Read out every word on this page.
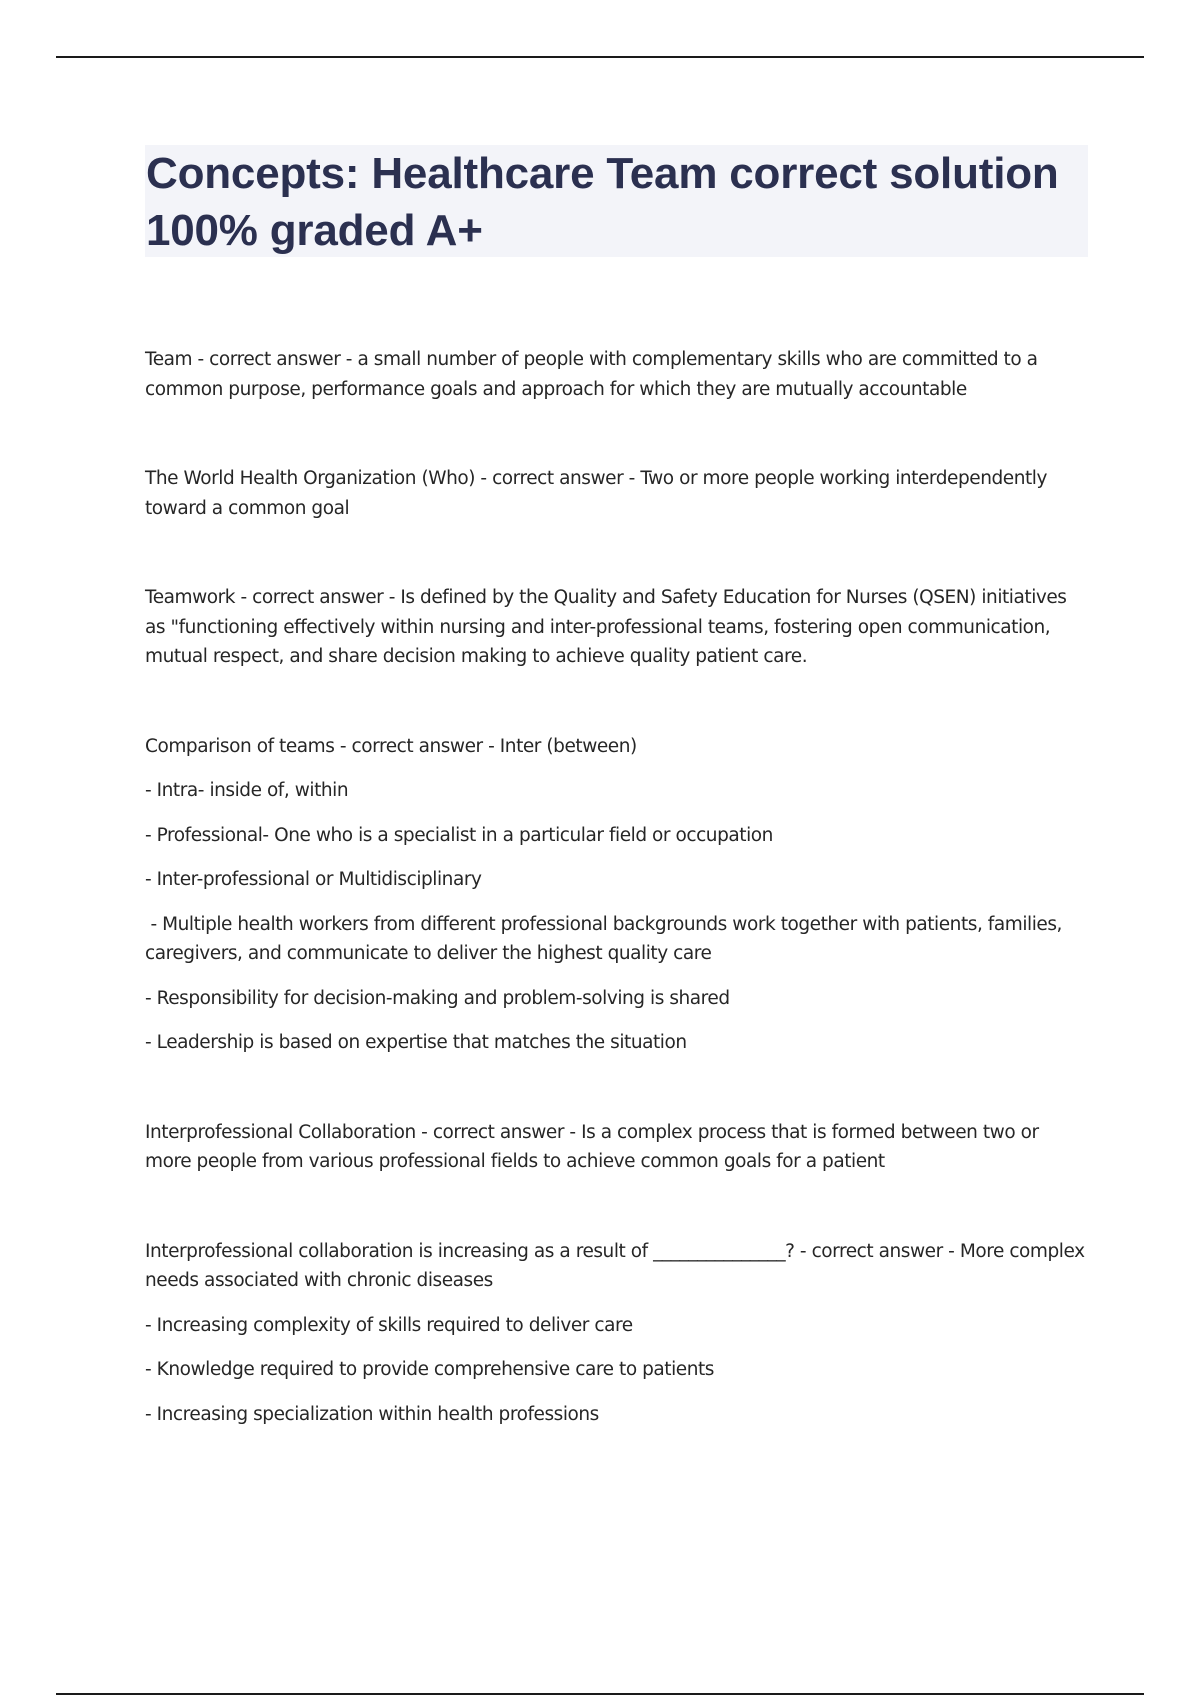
Concepts: Healthcare Team correct solution 100% graded A+

Team - correct answer - a small number of people with complementary skills who are committed to a common purpose, performance goals and approach for which they are mutually accountable

The World Health Organization (Who) - correct answer - Two or more people working interdependently toward a common goal

Teamwork - correct answer - Is defined by the Quality and Safety Education for Nurses (QSEN) initiatives as "functioning effectively within nursing and inter-professional teams, fostering open communication, mutual respect, and share decision making to achieve quality patient care.

Comparison of teams - correct answer - Inter (between)

- Intra- inside of, within

- Professional- One who is a specialist in a particular field or occupation

- Inter-professional or Multidisciplinary

- Multiple health workers from different professional backgrounds work together with patients, families, caregivers, and communicate to deliver the highest quality care

- Responsibility for decision-making and problem-solving is shared

- Leadership is based on expertise that matches the situation

Interprofessional Collaboration - correct answer - Is a complex process that is formed between two or more people from various professional fields to achieve common goals for a patient

Interprofessional collaboration is increasing as a result of _______________? - correct answer - More complex needs associated with chronic diseases

- Increasing complexity of skills required to deliver care

- Knowledge required to provide comprehensive care to patients

- Increasing specialization within health professions
